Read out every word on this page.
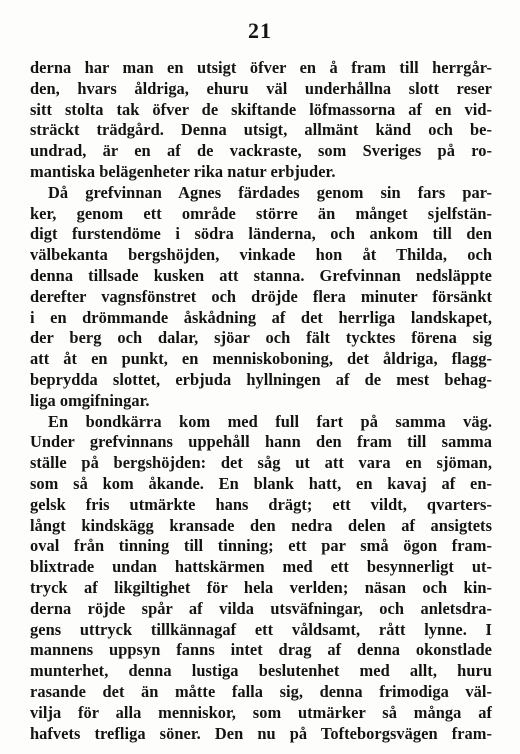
21
derna har man en utsigt öfver en å fram till herrgår-
den, hvars åldriga, ehuru väl underhållna slott reser
sitt stolta tak öfver de skiftande löfmassorna af en vid-
sträckt trädgård. Denna utsigt, allmänt känd och be-
undrad, är en af de vackraste, som Sveriges på ro-
mantiska belägenheter rika natur erbjuder.
Då grefvinnan Agnes färdades genom sin fars par-
ker, genom ett område större än månget sjelfstän-
digt furstendöme i södra länderna, och ankom till den
välbekanta bergshöjden, vinkade hon åt Thilda, och
denna tillsade kusken att stanna. Grefvinnan nedsläppte
derefter vagnsfönstret och dröjde flera minuter försänkt
i en drömmande åskådning af det herrliga landskapet,
der berg och dalar, sjöar och fält tycktes förena sig
att åt en punkt, en menniskoboning, det åldriga, flagg-
beprydda slottet, erbjuda hyllningen af de mest behag-
liga omgifningar.
En bondkärra kom med full fart på samma väg.
Under grefvinnans uppehåll hann den fram till samma
ställe på bergshöjden: det såg ut att vara en sjöman,
som så kom åkande. En blank hatt, en kavaj af en-
gelsk fris utmärkte hans drägt; ett vildt, qvarters-
långt kindskägg kransade den nedra delen af ansigtets
oval från tinning till tinning; ett par små ögon fram-
blixtrade undan hattskärmen med ett besynnerligt ut-
tryck af likgiltighet för hela verlden; näsan och kin-
derna röjde spår af vilda utsväfningar, och anletsdra-
gens uttryck tillkännagaf ett våldsamt, rått lynne. I
mannens uppsyn fanns intet drag af denna okonstlade
munterhet, denna lustiga beslutenhet med allt, huru
rasande det än måtte falla sig, denna frimodiga väl-
vilja för alla menniskor, som utmärker så många af
hafvets trefliga söner. Den nu på Tofteborgsvägen fram-
